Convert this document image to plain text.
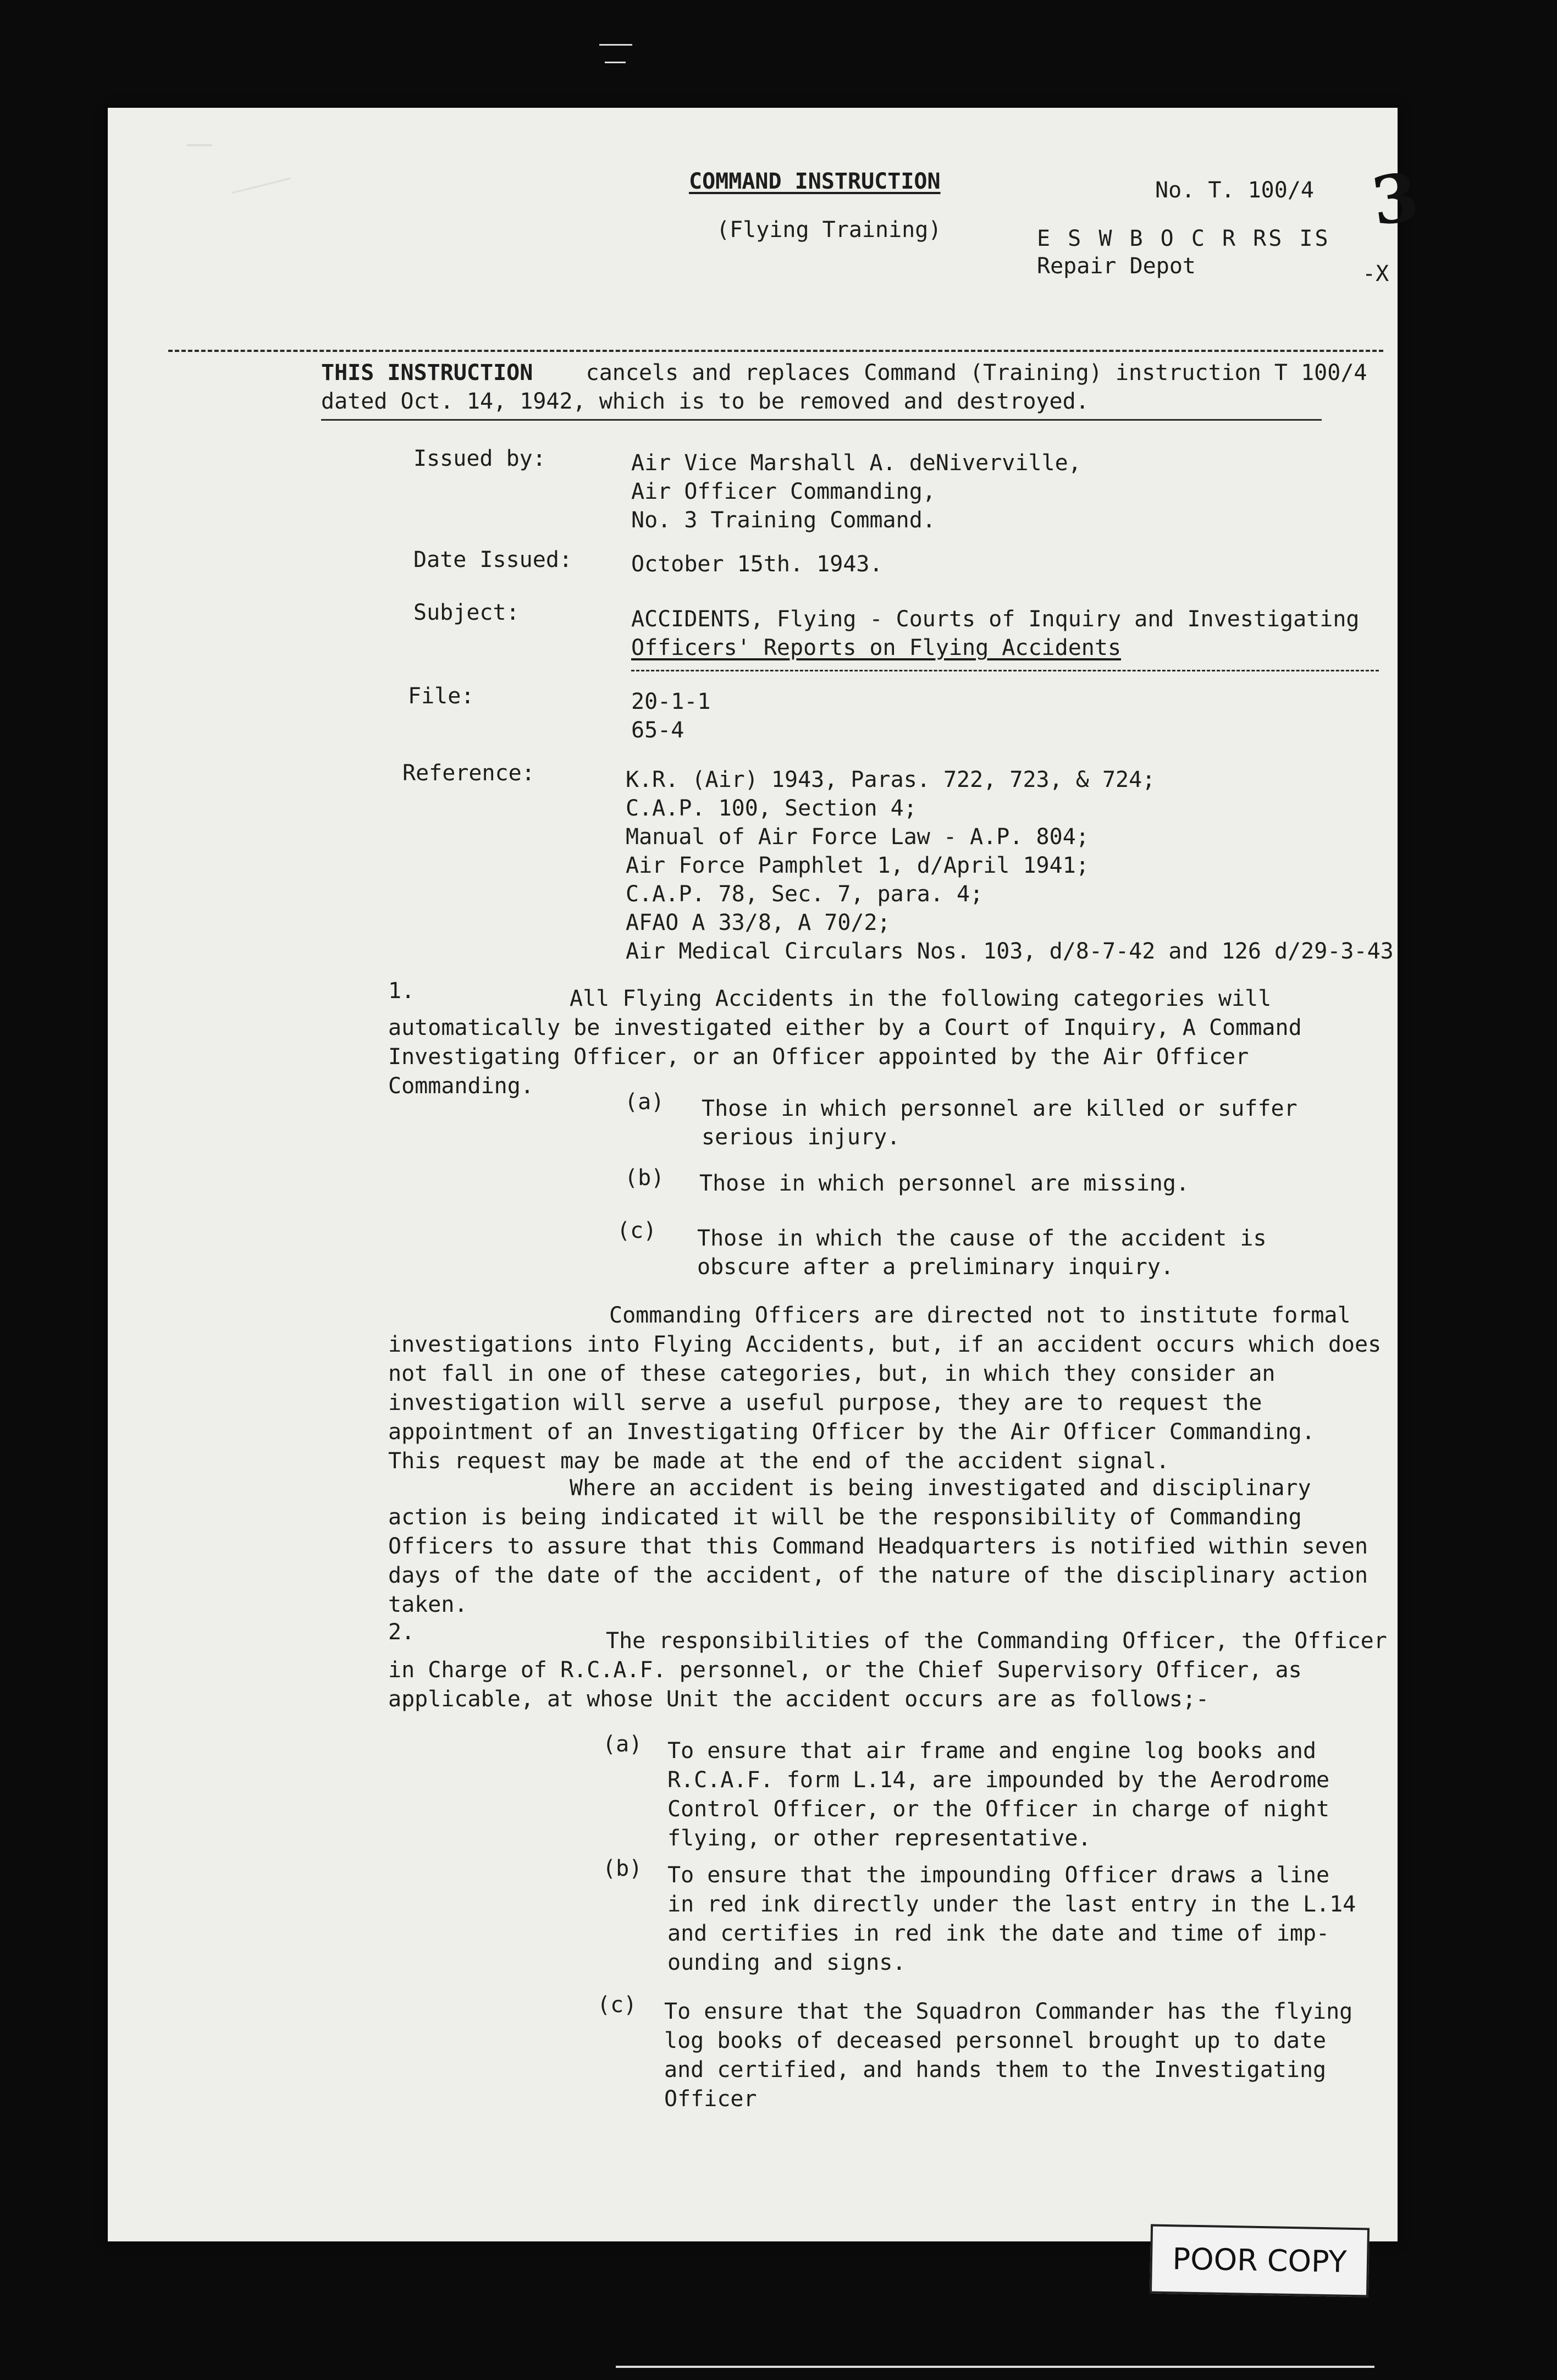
COMMAND INSTRUCTION	No. T. 100/4 3
(Flying Training)	E S W B O C R RS IS
Repair Depot	-X
THIS INSTRUCTION cancels and replaces Command (Training) instruction T 100/4
dated Oct. 14, 1942, which is to be removed and destroyed.
Issued by:	Air Vice Marshall A. deNiverville,
Air Officer Commanding,
No. 3 Training Command.
Date Issued:	October 15th. 1943.
Subject:	ACCIDENTS, Flying - Courts of Inquiry and Investigating
Officers' Reports on Flying Accidents
File:	20-1-1
65-4
Reference:	K.R. (Air) 1943, Paras. 722, 723, & 724;
C.A.P. 100, Section 4;
Manual of Air Force Law - A.P. 804;
Air Force Pamphlet 1, d/April 1941;
C.A.P. 78, Sec. 7, para. 4;
AFAO A 33/8, A 70/2;
Air Medical Circulars Nos. 103, d/8-7-42 and 126 d/29-3-43
1.	All Flying Accidents in the following categories will
automatically be investigated either by a Court of Inquiry, A Command
Investigating Officer, or an Officer appointed by the Air Officer
Commanding.
(a) Those in which personnel are killed or suffer
serious injury.
(b) Those in which personnel are missing.
(c) Those in which the cause of the accident is
obscure after a preliminary inquiry.
Commanding Officers are directed not to institute formal
investigations into Flying Accidents, but, if an accident occurs which does
not fall in one of these categories, but, in which they consider an
investigation will serve a useful purpose, they are to request the
appointment of an Investigating Officer by the Air Officer Commanding.
This request may be made at the end of the accident signal.
Where an accident is being investigated and disciplinary
action is being indicated it will be the responsibility of Commanding
Officers to assure that this Command Headquarters is notified within seven
days of the date of the accident, of the nature of the disciplinary action
taken.
2.	The responsibilities of the Commanding Officer, the Officer
in Charge of R.C.A.F. personnel, or the Chief Supervisory Officer, as
applicable, at whose Unit the accident occurs are as follows;-
(a) To ensure that air frame and engine log books and
R.C.A.F. form L.14, are impounded by the Aerodrome
Control Officer, or the Officer in charge of night
flying, or other representative.
(b) To ensure that the impounding Officer draws a line
in red ink directly under the last entry in the L.14
and certifies in red ink the date and time of imp-
ounding and signs.
(c) To ensure that the Squadron Commander has the flying
log books of deceased personnel brought up to date
and certified, and hands them to the Investigating
Officer
POOR COPY
